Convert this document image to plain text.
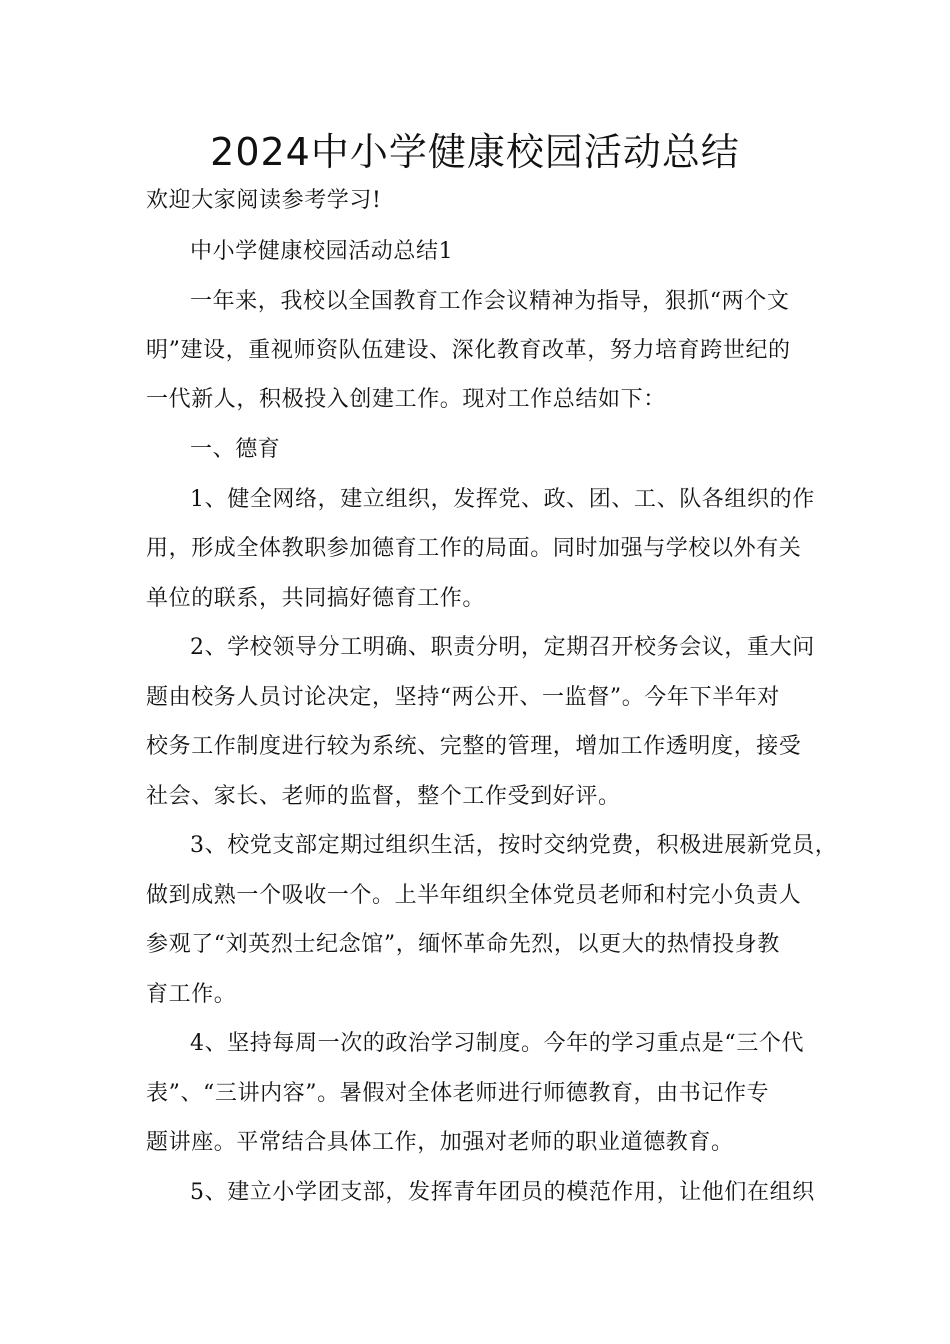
2024中小学健康校园活动总结

欢迎大家阅读参考学习!

中小学健康校园活动总结1

一年来，我校以全国教育工作会议精神为指导，狠抓“两个文

明”建设，重视师资队伍建设、深化教育改革，努力培育跨世纪的

一代新人，积极投入创建工作。现对工作总结如下：

一、德育

1、健全网络，建立组织，发挥党、政、团、工、队各组织的作

用，形成全体教职参加德育工作的局面。同时加强与学校以外有关

单位的联系，共同搞好德育工作。

2、学校领导分工明确、职责分明，定期召开校务会议，重大问

题由校务人员讨论决定，坚持“两公开、一监督”。今年下半年对

校务工作制度进行较为系统、完整的管理，增加工作透明度，接受

社会、家长、老师的监督，整个工作受到好评。

3、校党支部定期过组织生活，按时交纳党费，积极进展新党员，

做到成熟一个吸收一个。上半年组织全体党员老师和村完小负责人

参观了“刘英烈士纪念馆”，缅怀革命先烈，以更大的热情投身教

育工作。

4、坚持每周一次的政治学习制度。今年的学习重点是“三个代

表”、“三讲内容”。暑假对全体老师进行师德教育，由书记作专

题讲座。平常结合具体工作，加强对老师的职业道德教育。

5、建立小学团支部，发挥青年团员的模范作用，让他们在组织
